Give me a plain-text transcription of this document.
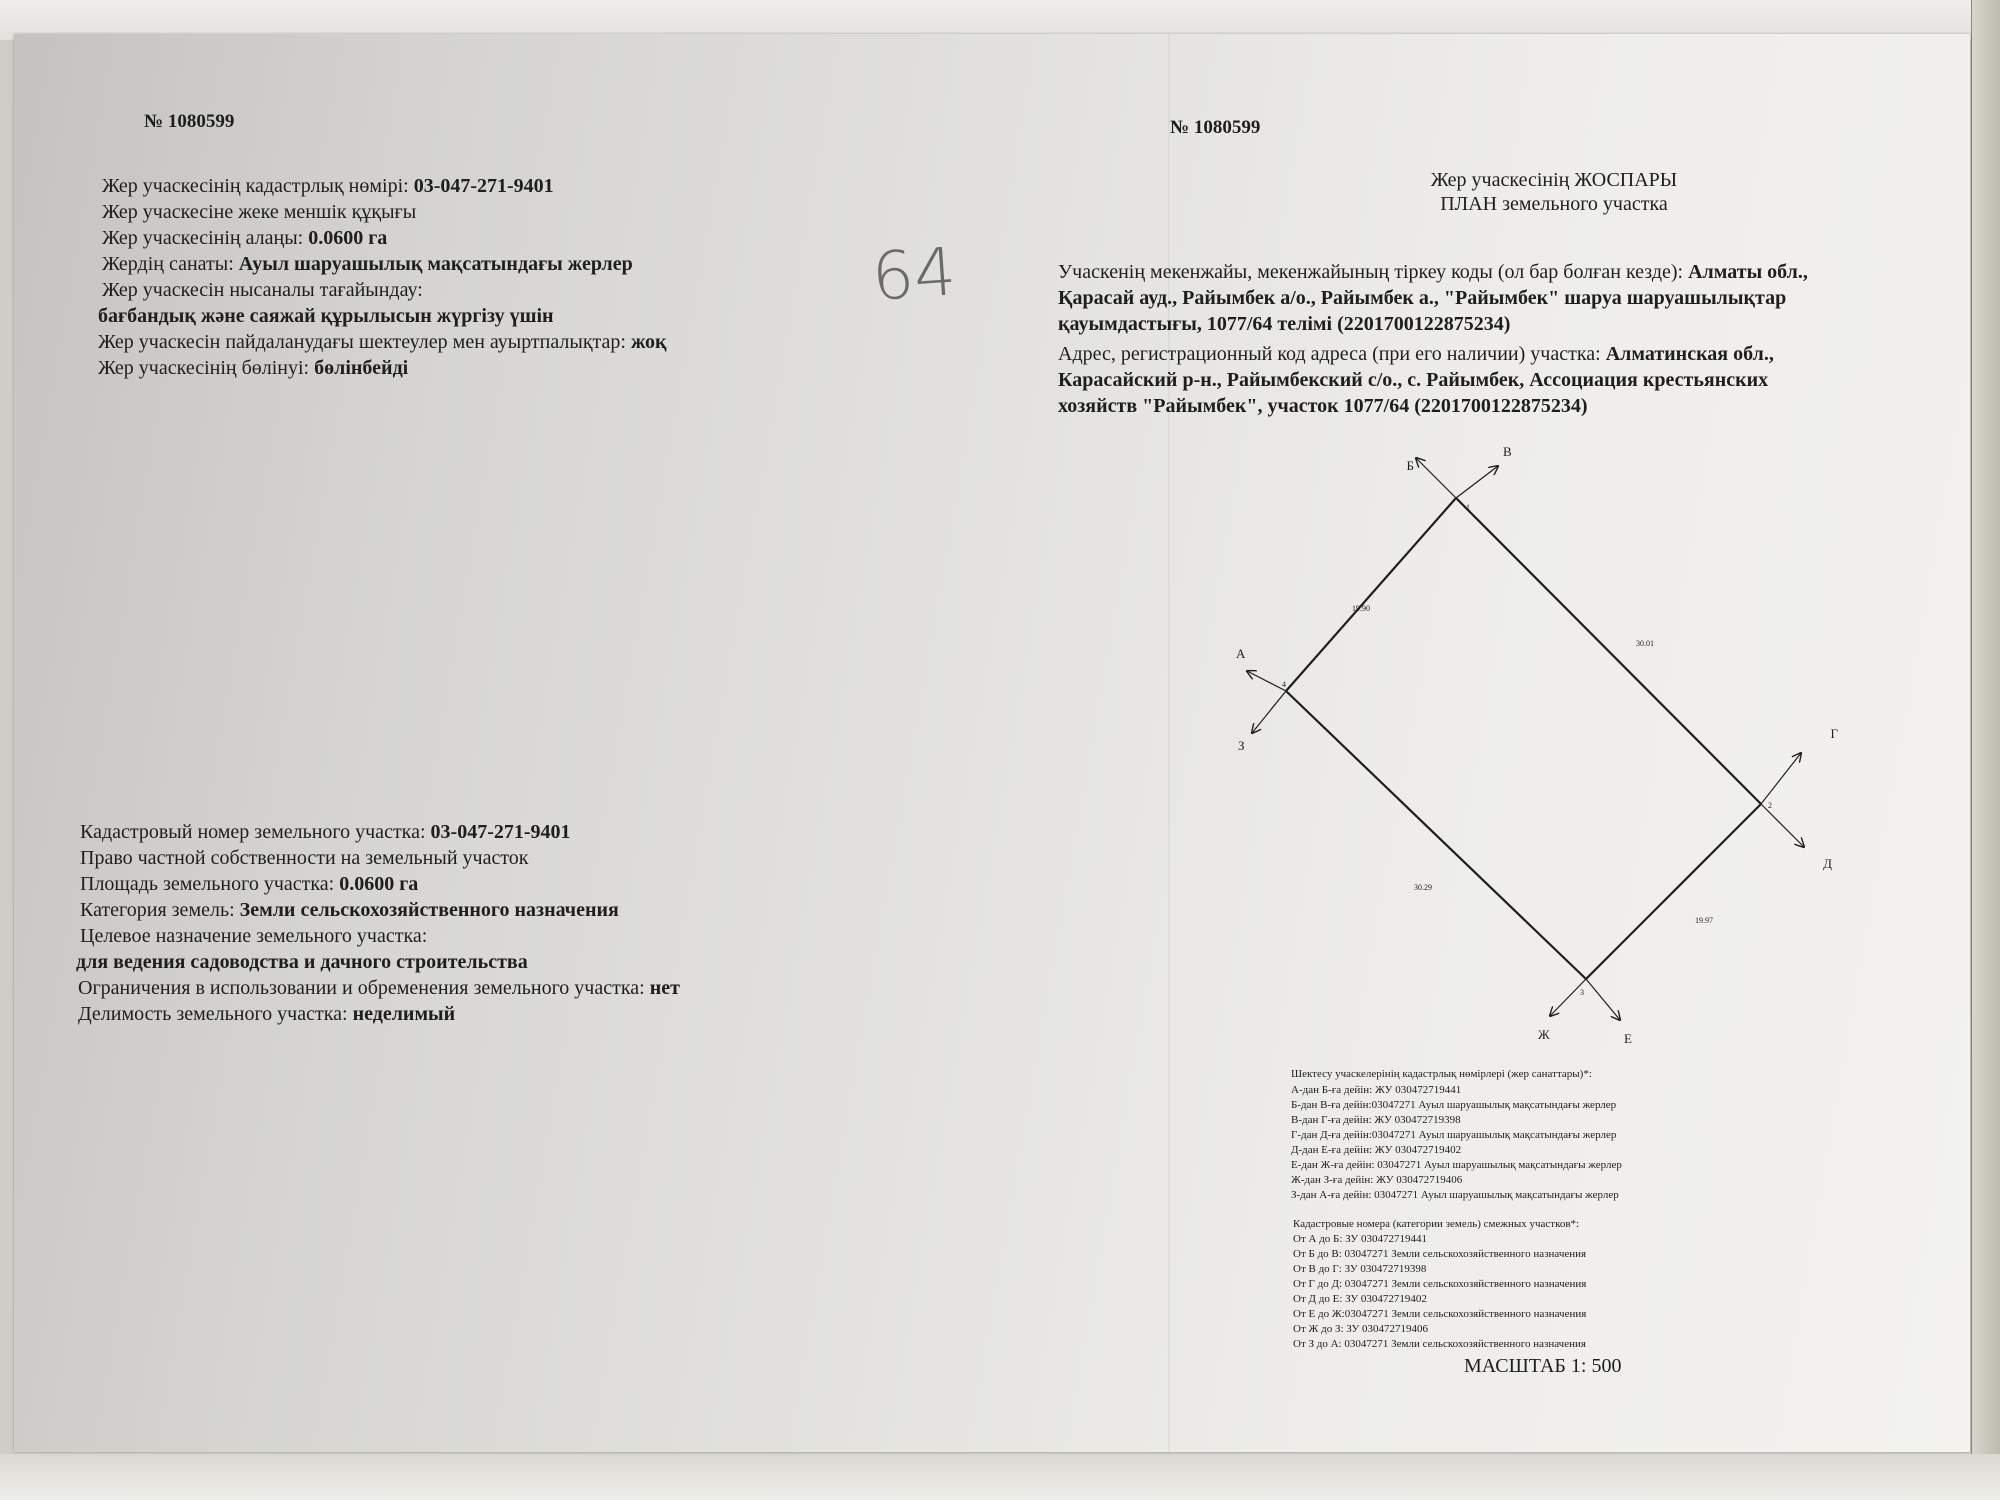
№ 1080599
Жер учаскесінің кадастрлық нөмірі: 03-047-271-9401
Жер учаскесіне жеке меншік құқығы
Жер учаскесінің алаңы: 0.0600 га
Жердің санаты: Ауыл шаруашылық мақсатындағы жерлер
Жер учаскесін нысаналы тағайындау:
бағбандық және саяжай құрылысын жүргізу үшін
Жер учаскесін пайдаланудағы шектеулер мен ауыртпалықтар: жоқ
Жер учаскесінің бөлінуі: бөлінбейді
64
Кадастровый номер земельного участка: 03-047-271-9401
Право частной собственности на земельный участок
Площадь земельного участка: 0.0600 га
Категория земель: Земли сельскохозяйственного назначения
Целевое назначение земельного участка:
для ведения садоводства и дачного строительства
Ограничения в использовании и обременения земельного участка: нет
Делимость земельного участка: неделимый
№ 1080599
Жер учаскесінің ЖОСПАРЫ
ПЛАН земельного участка
Учаскенің мекенжайы, мекенжайының тіркеу коды (ол бар болған кезде): Алматы обл.,
Қарасай ауд., Райымбек а/о., Райымбек а., "Райымбек" шаруа шаруашылықтар
қауымдастығы, 1077/64 телімі (2201700122875234)
Адрес, регистрационный код адреса (при его наличии) участка: Алматинская обл.,
Карасайский р-н., Райымбекский с/о., с. Райымбек, Ассоциация крестьянских
хозяйств "Райымбек", участок 1077/64 (2201700122875234)
Б
В
А
З
Г
Д
Ж	Е
1
2
3
4
19.90
30.01
30.29
19.97
Шектесу учаскелерінің кадастрлық нөмірлері (жер санаттары)*:
А-дан Б-ға дейін: ЖУ 030472719441
Б-дан В-ға дейін:03047271 Ауыл шаруашылық мақсатындағы жерлер
В-дан Г-ға дейін: ЖУ 030472719398
Г-дан Д-ға дейін:03047271 Ауыл шаруашылық мақсатындағы жерлер
Д-дан Е-ға дейін: ЖУ 030472719402
Е-дан Ж-ға дейін: 03047271 Ауыл шаруашылық мақсатындағы жерлер
Ж-дан З-ға дейін: ЖУ 030472719406
З-дан А-ға дейін: 03047271 Ауыл шаруашылық мақсатындағы жерлер
Кадастровые номера (категории земель) смежных участков*:
От А до Б: ЗУ 030472719441
От Б до В: 03047271 Земли сельскохозяйственного назначения
От В до Г: ЗУ 030472719398
От Г до Д: 03047271 Земли сельскохозяйственного назначения
От Д до Е: ЗУ 030472719402
От Е до Ж:03047271 Земли сельскохозяйственного назначения
От Ж до З: ЗУ 030472719406
От З до А: 03047271 Земли сельскохозяйственного назначения
МАСШТАБ 1: 500
